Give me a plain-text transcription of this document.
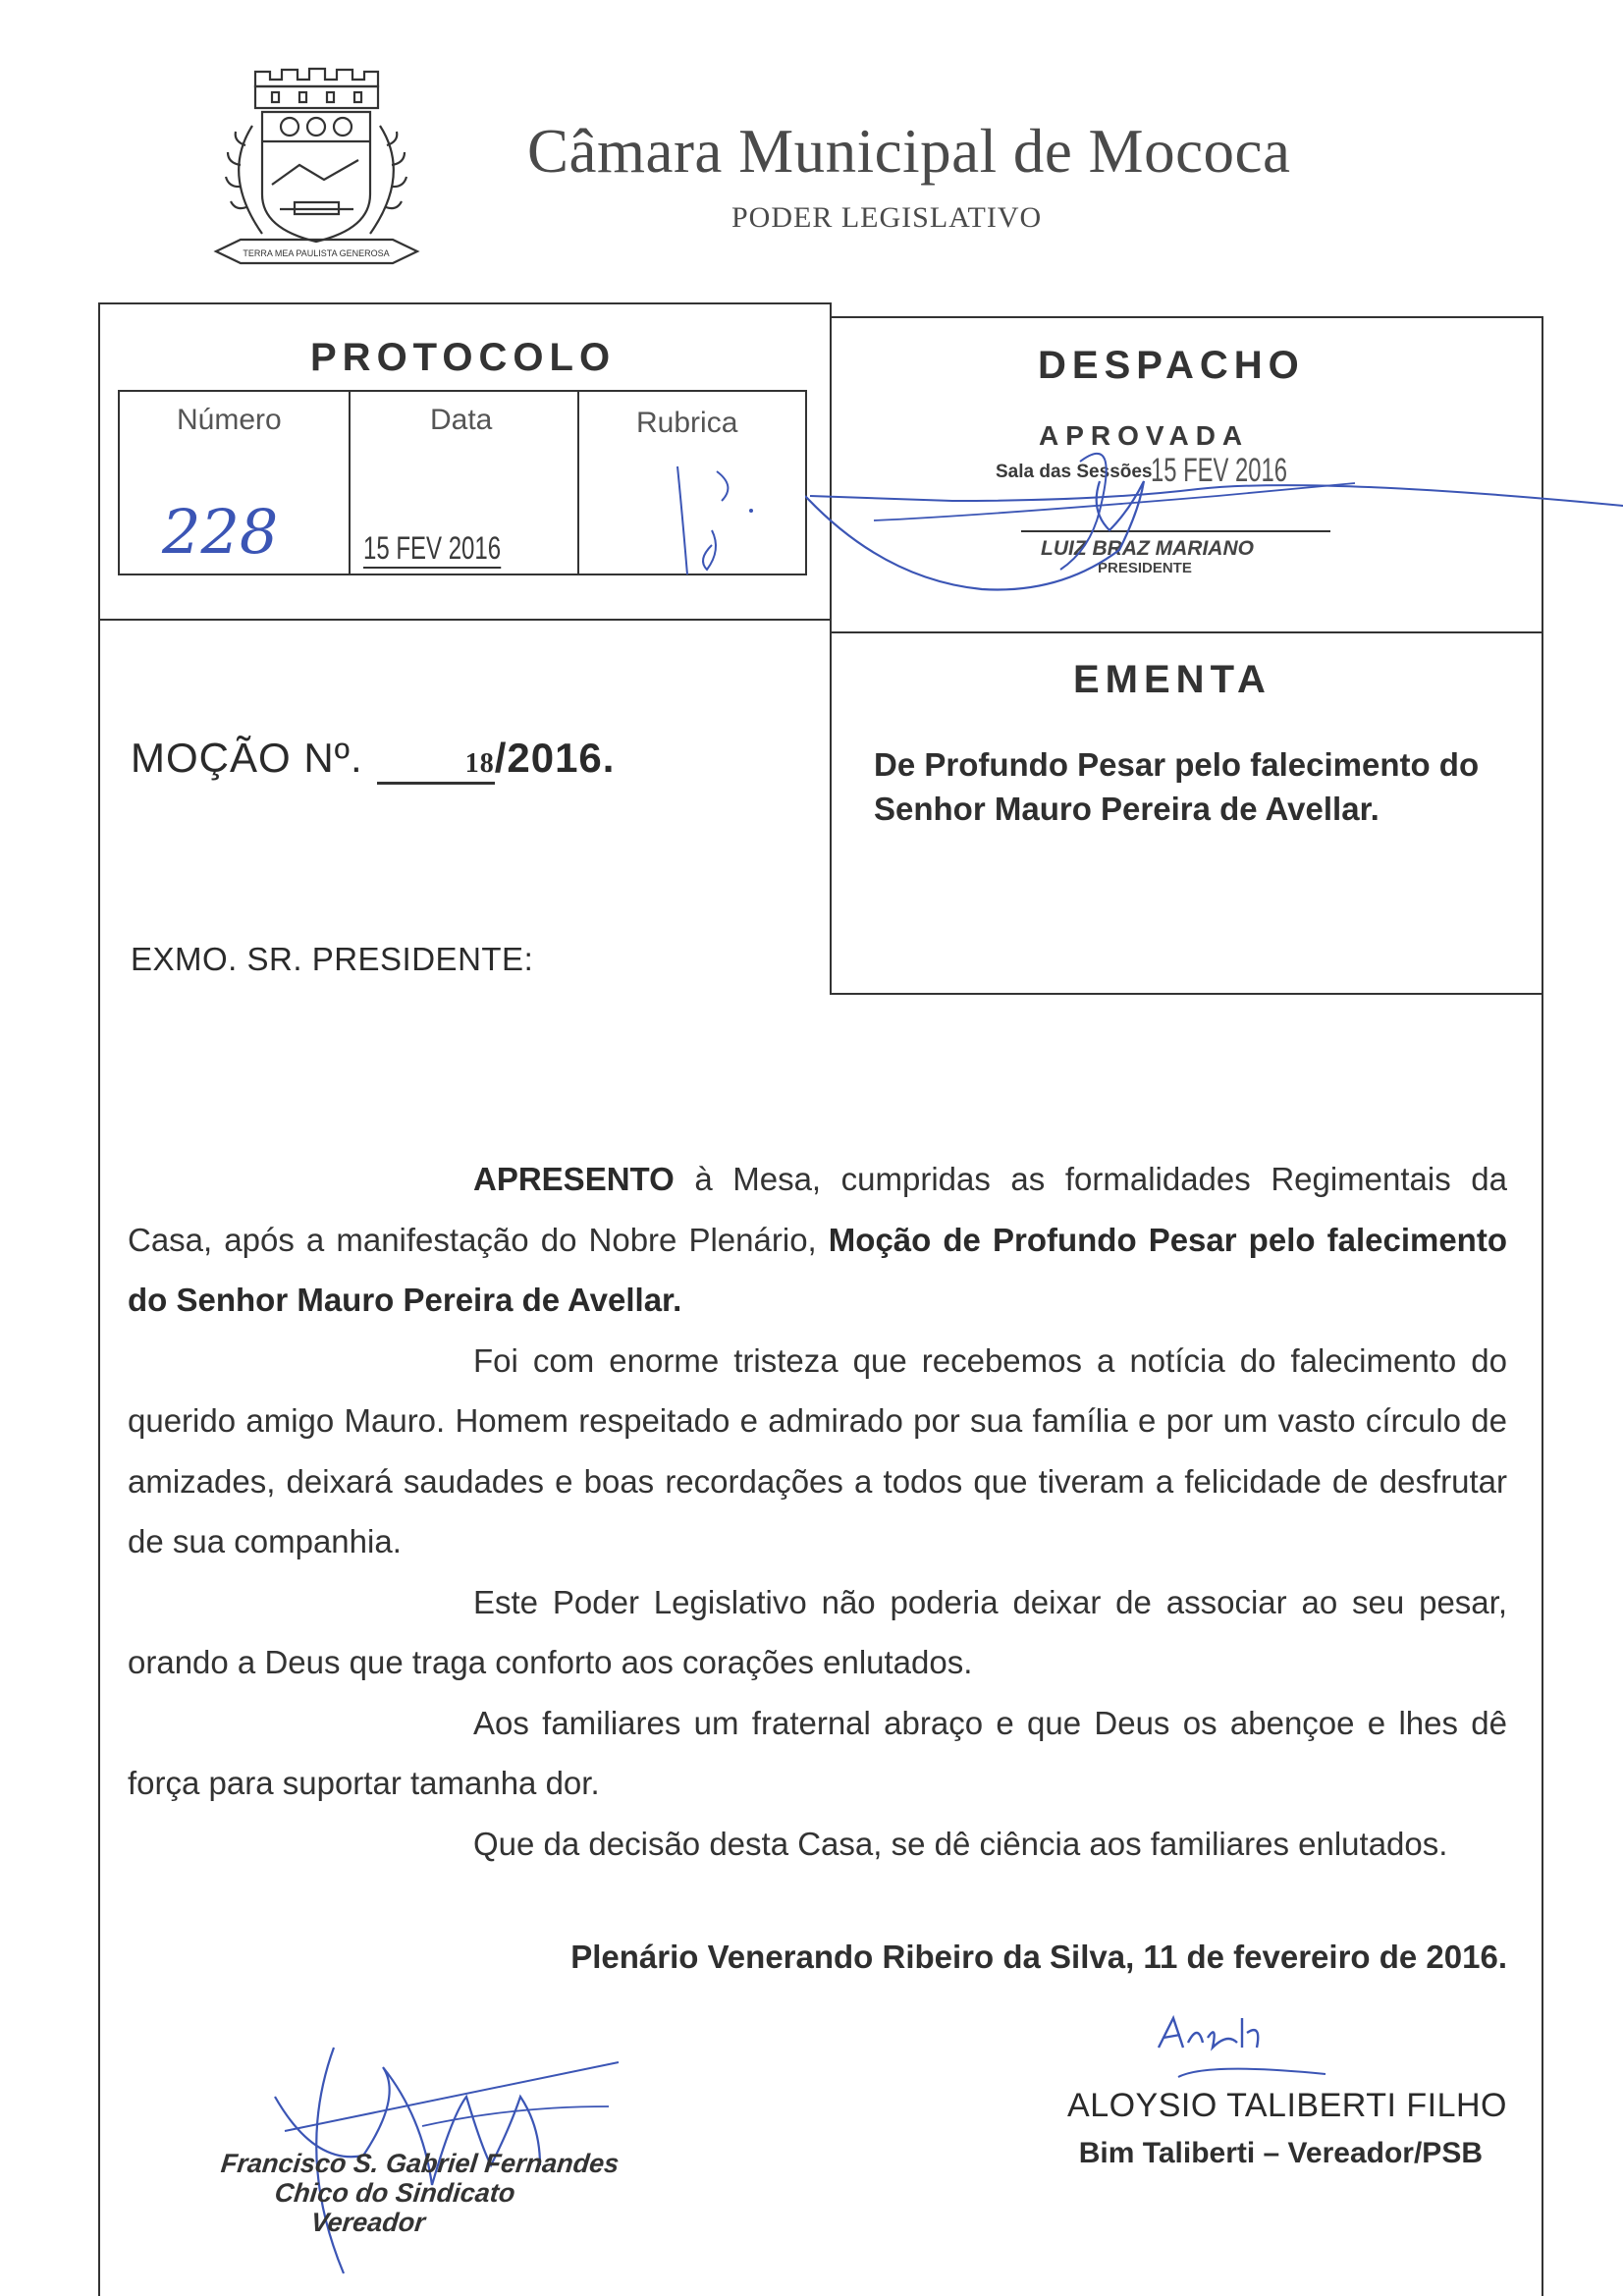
TERRA MEA PAULISTA GENEROSA
Câmara Municipal de Mococa
PODER LEGISLATIVO
PROTOCOLO
Número	Data	Rubrica
228	15 FEV 2016
DESPACHO
APROVADA
Sala das Sessões
15 FEV 2016
LUIZ BRAZ MARIANO
PRESIDENTE
EMENTA
De Profundo Pesar pelo falecimento do Senhor Mauro Pereira de Avellar.
MOÇÃO Nº.	18/2016.
EXMO. SR. PRESIDENTE:

APRESENTO à Mesa, cumpridas as formalidades Regimentais da Casa, após a manifestação do Nobre Plenário, Moção de Profundo Pesar pelo falecimento do Senhor Mauro Pereira de Avellar.

Foi com enorme tristeza que recebemos a notícia do falecimento do querido amigo Mauro. Homem respeitado e admirado por sua família e por um vasto círculo de amizades, deixará saudades e boas recordações a todos que tiveram a felicidade de desfrutar de sua companhia.

Este Poder Legislativo não poderia deixar de associar ao seu pesar, orando a Deus que traga conforto aos corações enlutados.

Aos familiares um fraternal abraço e que Deus os abençoe e lhes dê força para suportar tamanha dor.

Que da decisão desta Casa, se dê ciência aos familiares enlutados.

Plenário Venerando Ribeiro da Silva, 11 de fevereiro de 2016.
ALOYSIO TALIBERTI FILHO
Bim Taliberti – Vereador/PSB
Francisco S. Gabriel Fernandes
Chico do Sindicato
Vereador
